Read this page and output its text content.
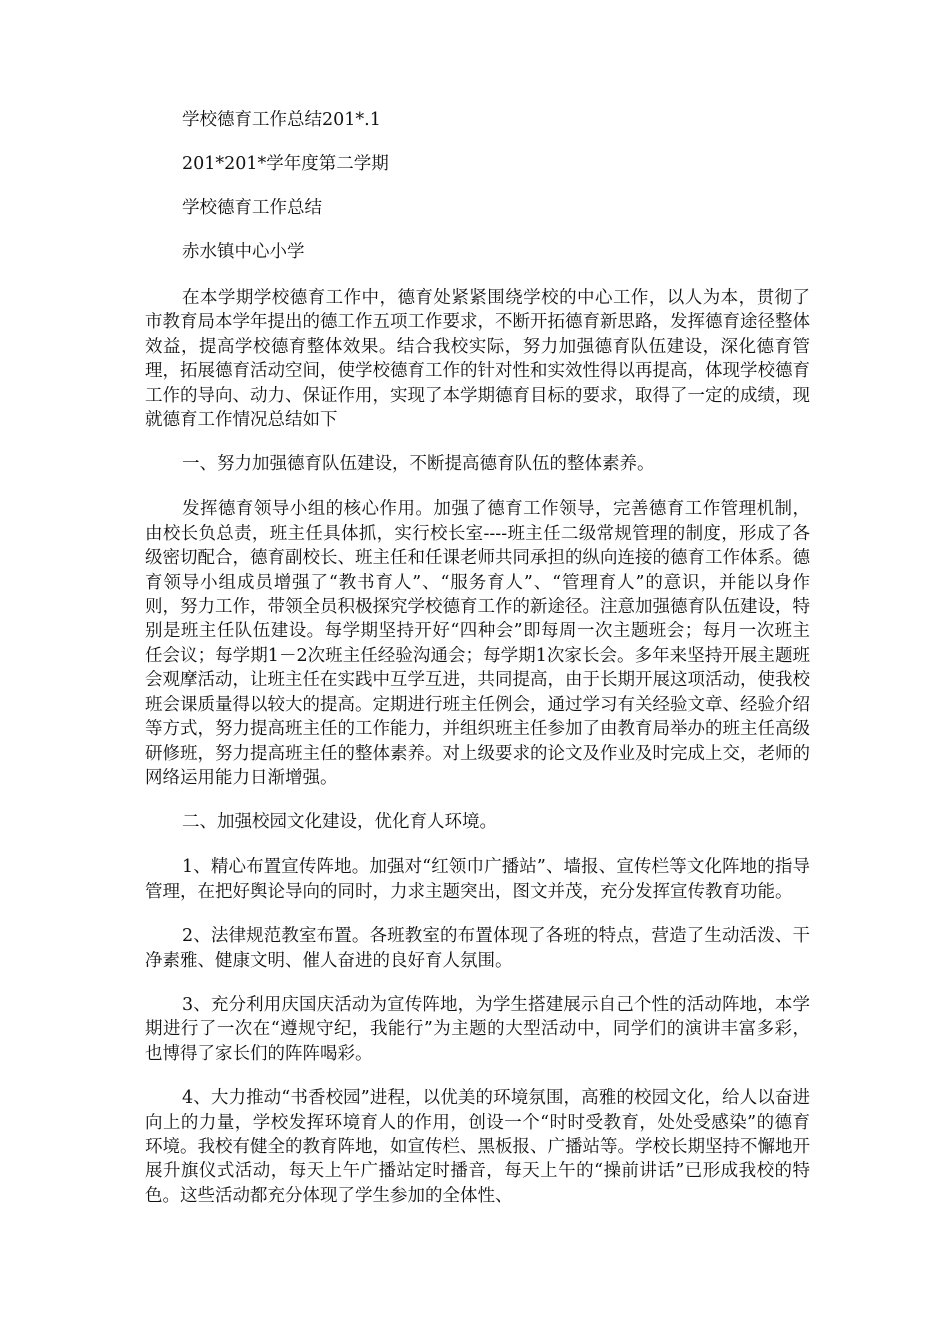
学校德育工作总结201*.1

201*201*学年度第二学期

学校德育工作总结

赤水镇中心小学

在本学期学校德育工作中，德育处紧紧围绕学校的中心工作，以人为本，贯彻了市教育局本学年提出的德工作五项工作要求，不断开拓德育新思路，发挥德育途径整体效益，提高学校德育整体效果。结合我校实际，努力加强德育队伍建设，深化德育管理，拓展德育活动空间，使学校德育工作的针对性和实效性得以再提高，体现学校德育工作的导向、动力、保证作用，实现了本学期德育目标的要求，取得了一定的成绩，现就德育工作情况总结如下

一、努力加强德育队伍建设，不断提高德育队伍的整体素养。

发挥德育领导小组的核心作用。加强了德育工作领导，完善德育工作管理机制，由校长负总责，班主任具体抓，实行校长室----班主任二级常规管理的制度，形成了各级密切配合，德育副校长、班主任和任课老师共同承担的纵向连接的德育工作体系。德育领导小组成员增强了“教书育人”、“服务育人”、“管理育人”的意识，并能以身作则，努力工作，带领全员积极探究学校德育工作的新途径。注意加强德育队伍建设，特别是班主任队伍建设。每学期坚持开好“四种会”即每周一次主题班会；每月一次班主任会议；每学期1－2次班主任经验沟通会；每学期1次家长会。多年来坚持开展主题班会观摩活动，让班主任在实践中互学互进，共同提高，由于长期开展这项活动，使我校班会课质量得以较大的提高。定期进行班主任例会，通过学习有关经验文章、经验介绍等方式，努力提高班主任的工作能力，并组织班主任参加了由教育局举办的班主任高级研修班，努力提高班主任的整体素养。对上级要求的论文及作业及时完成上交，老师的网络运用能力日渐增强。

二、加强校园文化建设，优化育人环境。

1、精心布置宣传阵地。加强对“红领巾广播站”、墙报、宣传栏等文化阵地的指导管理，在把好舆论导向的同时，力求主题突出，图文并茂，充分发挥宣传教育功能。

2、法律规范教室布置。各班教室的布置体现了各班的特点，营造了生动活泼、干净素雅、健康文明、催人奋进的良好育人氛围。

3、充分利用庆国庆活动为宣传阵地，为学生搭建展示自己个性的活动阵地，本学期进行了一次在“遵规守纪，我能行”为主题的大型活动中，同学们的演讲丰富多彩，也博得了家长们的阵阵喝彩。

4、大力推动“书香校园”进程，以优美的环境氛围，高雅的校园文化，给人以奋进向上的力量，学校发挥环境育人的作用，创设一个“时时受教育，处处受感染”的德育环境。我校有健全的教育阵地，如宣传栏、黑板报、广播站等。学校长期坚持不懈地开展升旗仪式活动，每天上午广播站定时播音，每天上午的“操前讲话”已形成我校的特色。这些活动都充分体现了学生参加的全体性、
